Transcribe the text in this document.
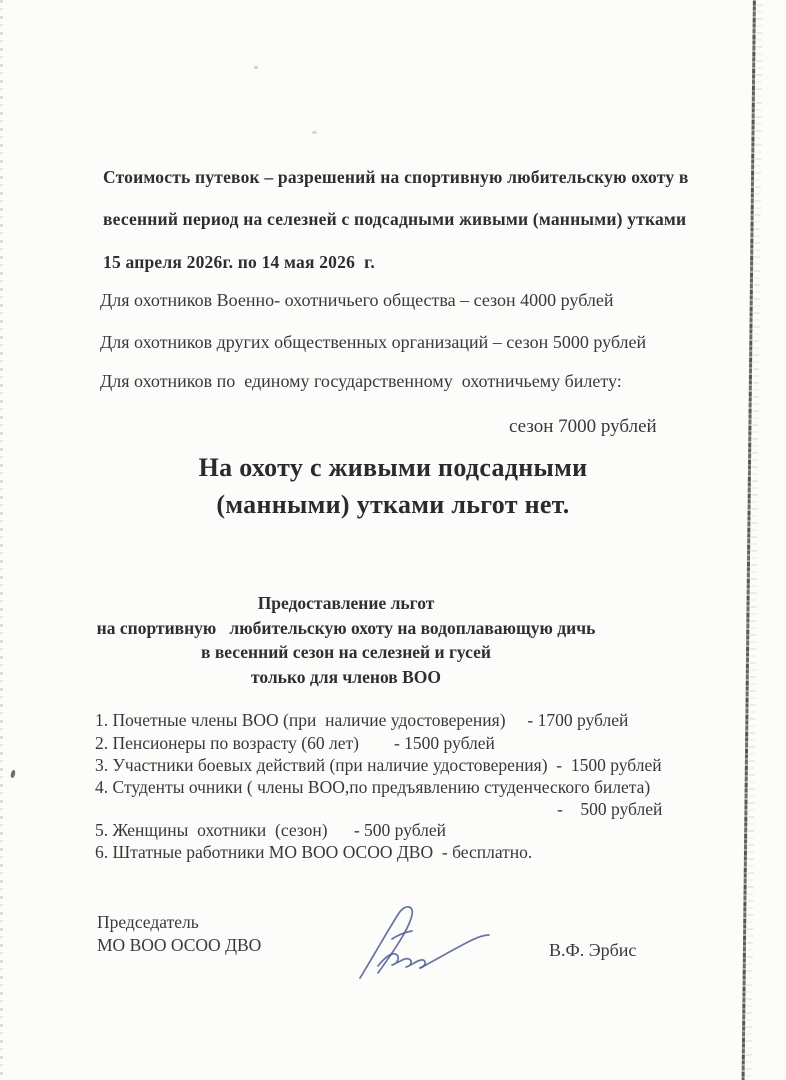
Стоимость путевок – разрешений на спортивную любительскую охоту в
весенний период на селезней с подсадными живыми (манными) утками
15 апреля 2026г. по 14 мая 2026  г.
Для охотников Военно- охотничьего общества – сезон 4000 рублей
Для охотников других общественных организаций – сезон 5000 рублей
Для охотников по  единому государственному  охотничьему билету:
сезон 7000 рублей
На охоту с живыми подсадными
(манными) утками льгот нет.
Предоставление льгот
на спортивную   любительскую охоту на водоплавающую дичь
в весенний сезон на селезней и гусей
только для членов ВОО
1. Почетные члены ВОО (при  наличие удостоверения)     - 1700 рублей
2. Пенсионеры по возрасту (60 лет)        - 1500 рублей
3. Участники боевых действий (при наличие удостоверения)  -  1500 рублей
4. Студенты очники ( члены ВОО,по предъявлению студенческого билета)
-    500 рублей
5. Женщины  охотники  (сезон)      - 500 рублей
6. Штатные работники МО ВОО ОСОО ДВО  - бесплатно.
Председатель
МО ВОО ОСОО ДВО	В.Ф. Эрбис
